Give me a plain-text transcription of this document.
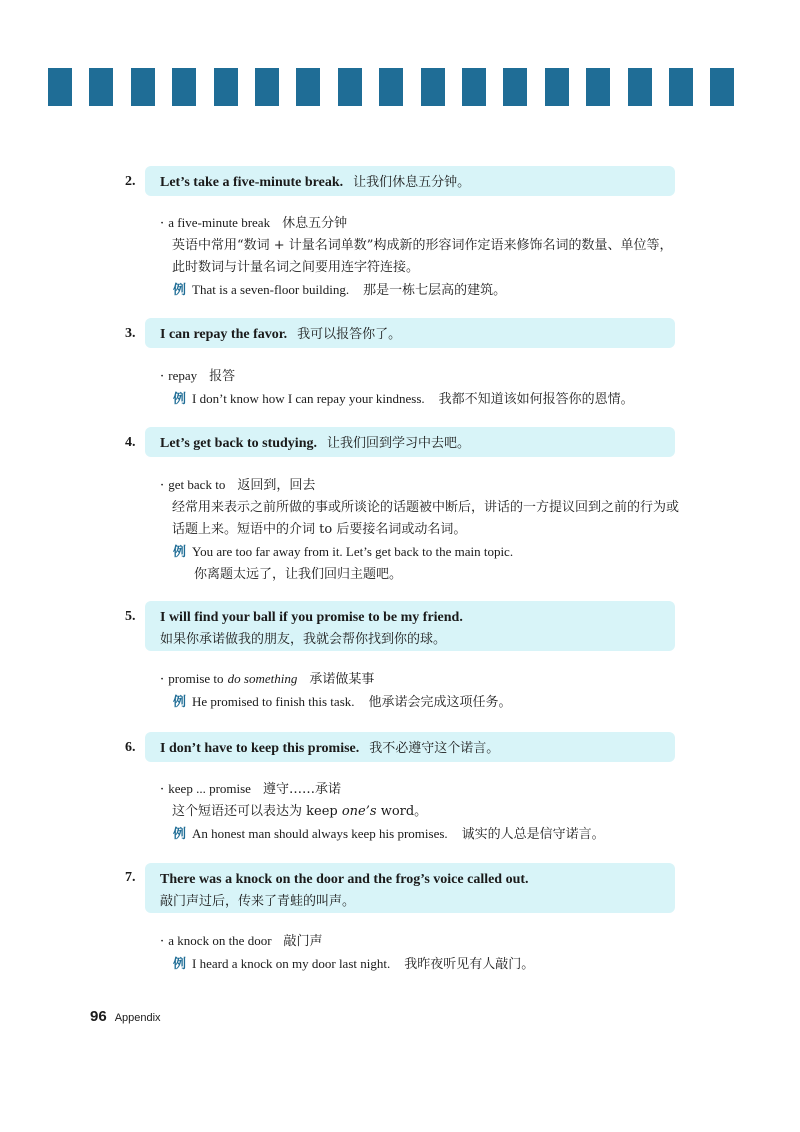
2.	Let’s take a five-minute break. 让我们休息五分钟。
· a five-minute break 休息五分钟
英语中常用“数词 + 计量名词单数”构成新的形容词作定语来修饰名词的数量、单位等，此时数词与计量名词之间要用连字符连接。
例 That is a seven-floor building. 那是一栋七层高的建筑。
3.	I can repay the favor. 我可以报答你了。
· repay 报答
例 I don’t know how I can repay your kindness. 我都不知道该如何报答你的恩情。
4.	Let’s get back to studying. 让我们回到学习中去吧。
· get back to 返回到，回去
经常用来表示之前所做的事或所谈论的话题被中断后，讲话的一方提议回到之前的行为或话题上来。短语中的介词 to 后要接名词或动名词。
例 You are too far away from it. Let’s get back to the main topic.
你离题太远了，让我们回归主题吧。
5.	I will find your ball if you promise to be my friend.
如果你承诺做我的朋友，我就会帮你找到你的球。
· promise to do something 承诺做某事
例 He promised to finish this task. 他承诺会完成这项任务。
6.	I don’t have to keep this promise. 我不必遵守这个诺言。
· keep ... promise 遵守……承诺
这个短语还可以表达为 keep one’s word。
例 An honest man should always keep his promises. 诚实的人总是信守诺言。
7.	There was a knock on the door and the frog’s voice called out.
敲门声过后，传来了青蛙的叫声。
· a knock on the door 敲门声
例 I heard a knock on my door last night. 我昨夜听见有人敲门。
96 Appendix
